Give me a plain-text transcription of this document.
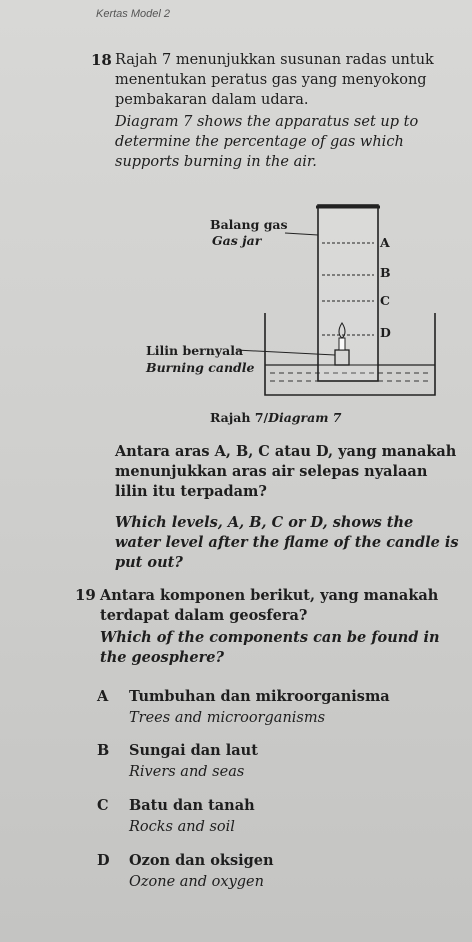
Kertas Model 2
18 Rajah 7 menunjukkan susunan radas untuk menentukan peratus gas yang menyokong pembakaran dalam udara.
Diagram 7 shows the apparatus set up to determine the percentage of gas which supports burning in the air.
Balang gas
Gas jar	A
B
C
D
Lilin bernyala
Burning candle
Rajah 7/Diagram 7
Antara aras A, B, C atau D, yang manakah menunjukkan aras air selepas nyalaan lilin itu terpadam?
Which levels, A, B, C or D, shows the water level after the flame of the candle is put out?
19 Antara komponen berikut, yang manakah terdapat dalam geosfera?
Which of the components can be found in the geosphere?
A Tumbuhan dan mikroorganisma
Trees and microorganisms
B Sungai dan laut
Rivers and seas
C Batu dan tanah
Rocks and soil
D Ozon dan oksigen
Ozone and oxygen
